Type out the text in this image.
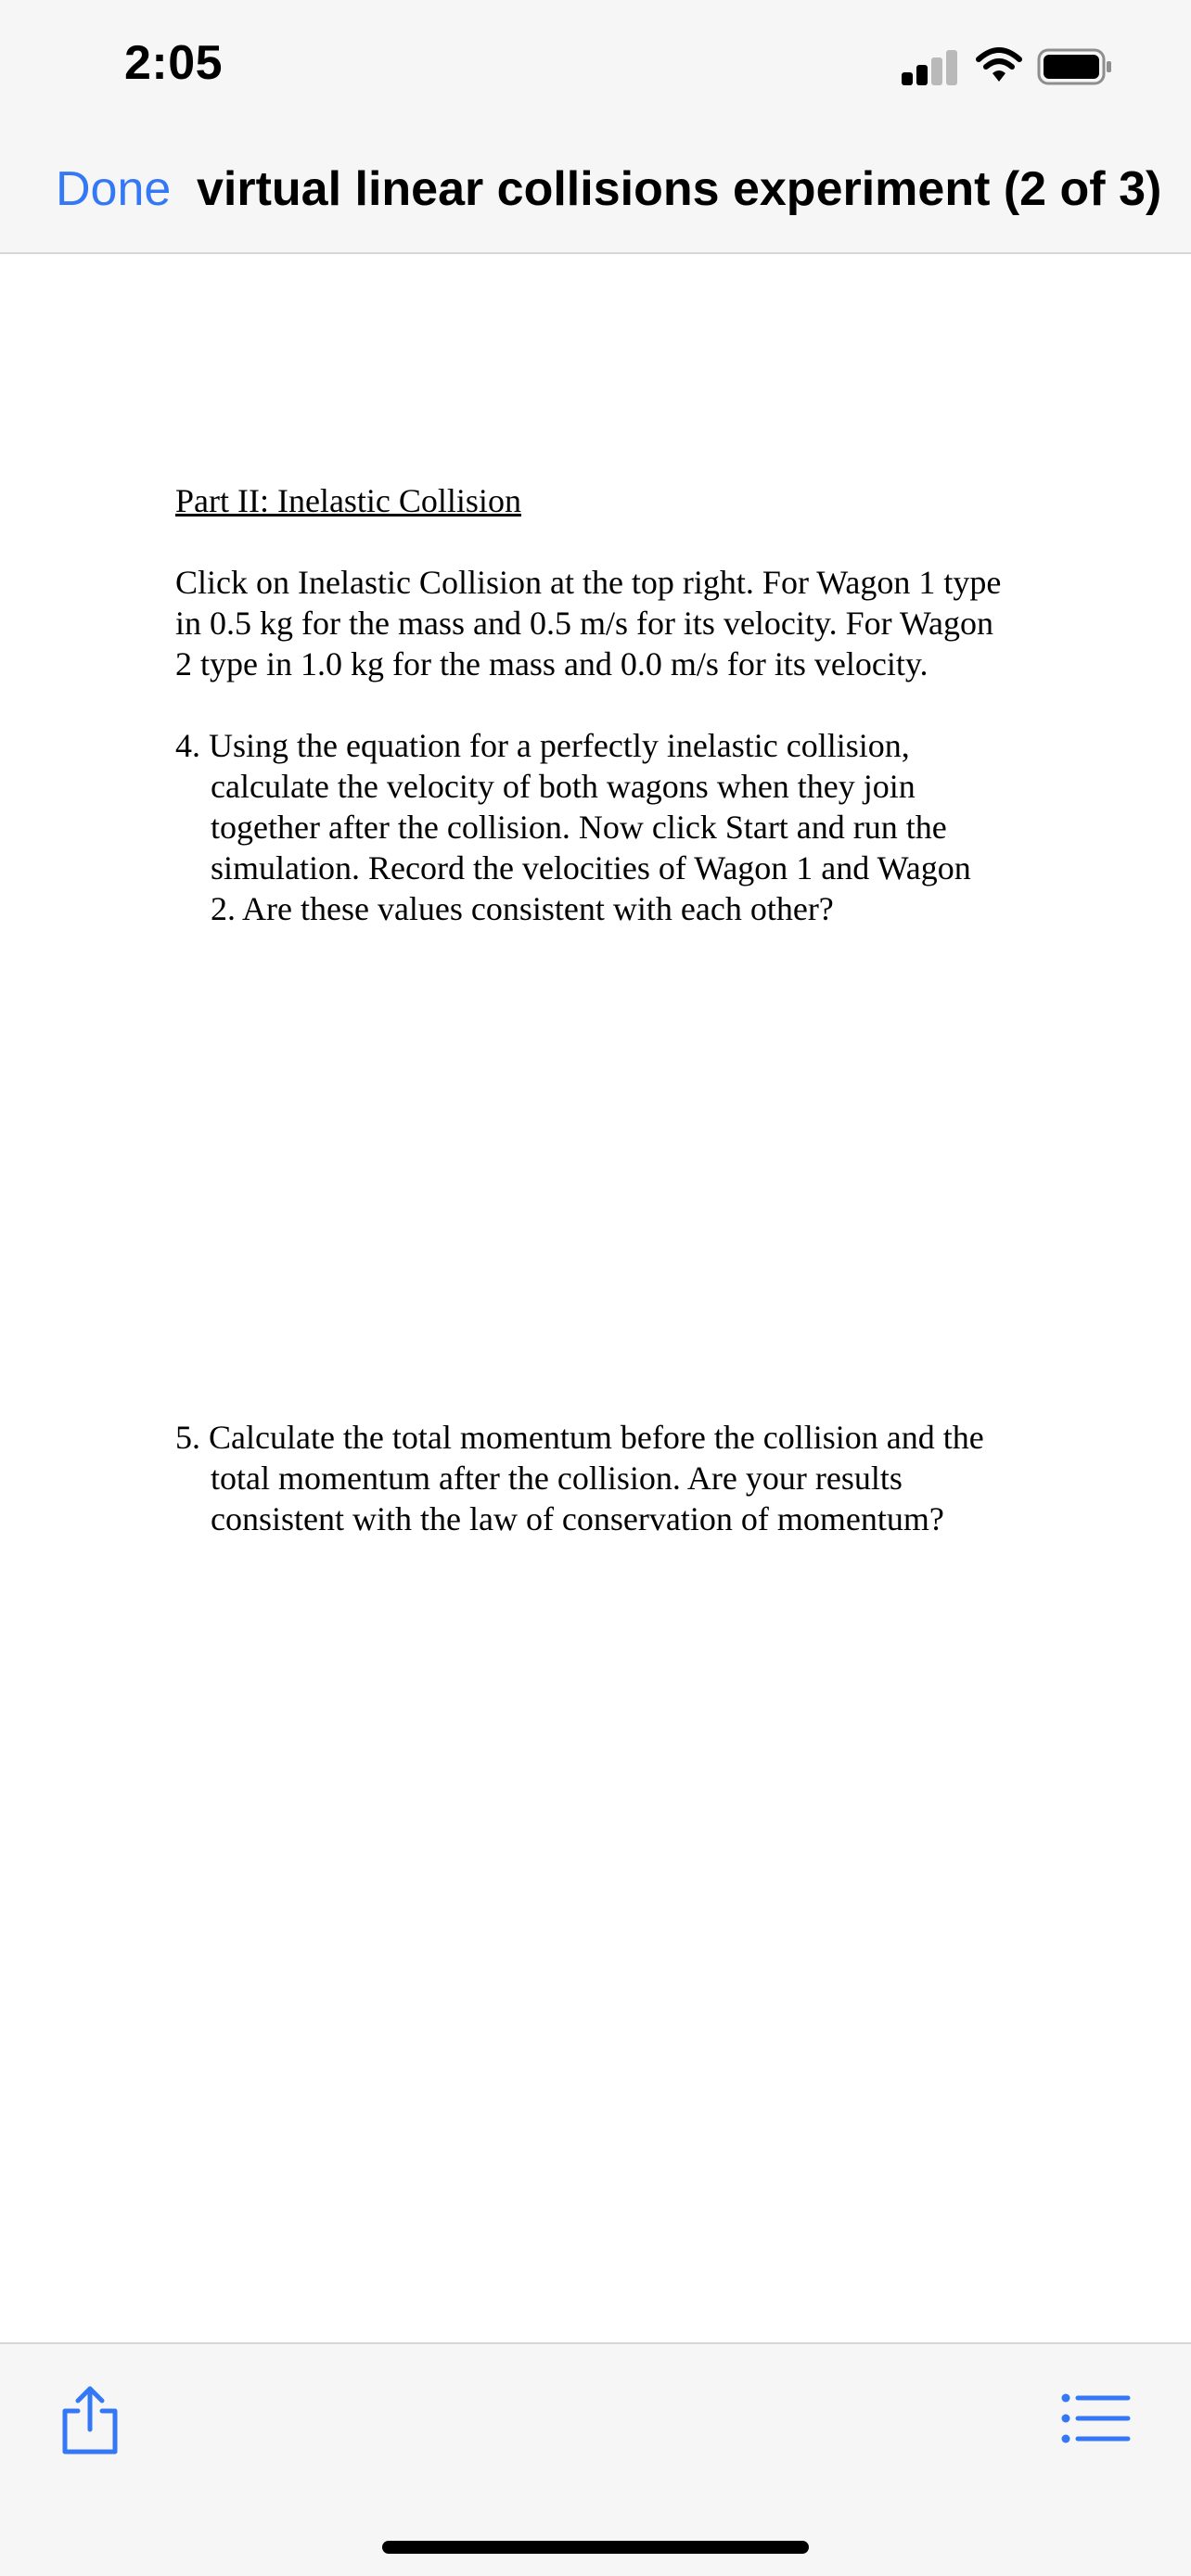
2:05
Done virtual linear collisions experiment (2 of 3)
Part II: Inelastic Collision
Click on Inelastic Collision at the top right. For Wagon 1 type
in 0.5 kg for the mass and 0.5 m/s for its velocity. For Wagon
2 type in 1.0 kg for the mass and 0.0 m/s for its velocity.
4. Using the equation for a perfectly inelastic collision,
calculate the velocity of both wagons when they join
together after the collision. Now click Start and run the
simulation. Record the velocities of Wagon 1 and Wagon
2. Are these values consistent with each other?
5. Calculate the total momentum before the collision and the
total momentum after the collision. Are your results
consistent with the law of conservation of momentum?
